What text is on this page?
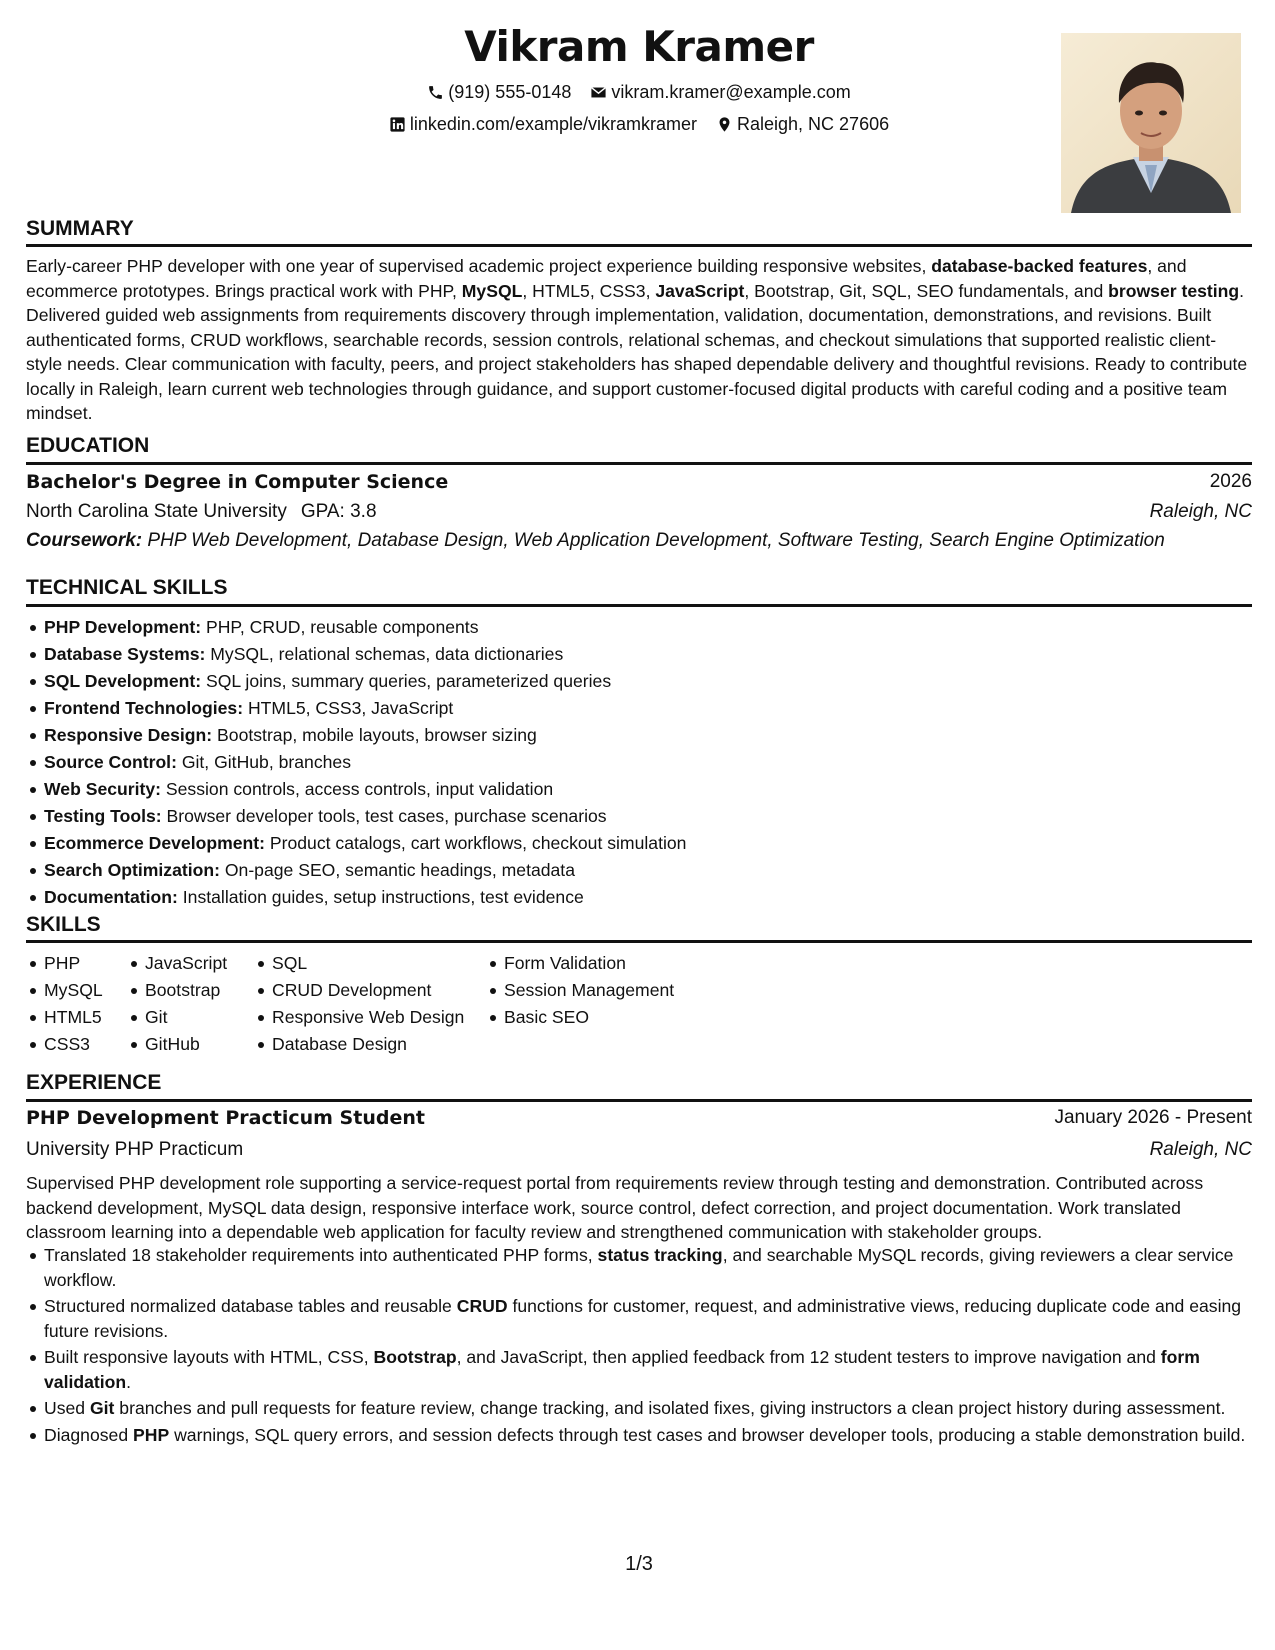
Vikram Kramer
(919) 555-0148
vikram.kramer@example.com
linkedin.com/example/vikramkramer
Raleigh, NC 27606
SUMMARY
Early-career PHP developer with one year of supervised academic project experience building responsive websites, database-backed features, and ecommerce prototypes. Brings practical work with PHP, MySQL, HTML5, CSS3, JavaScript, Bootstrap, Git, SQL, SEO fundamentals, and browser testing. Delivered guided web assignments from requirements discovery through implementation, validation, documentation, demonstrations, and revisions. Built authenticated forms, CRUD workflows, searchable records, session controls, relational schemas, and checkout simulations that supported realistic client-style needs. Clear communication with faculty, peers, and project stakeholders has shaped dependable delivery and thoughtful revisions. Ready to contribute locally in Raleigh, learn current web technologies through guidance, and support customer-focused digital products with careful coding and a positive team mindset.
EDUCATION
Bachelor's Degree in Computer Science	2026
North Carolina State University GPA: 3.8	Raleigh, NC
Coursework: PHP Web Development, Database Design, Web Application Development, Software Testing, Search Engine Optimization
TECHNICAL SKILLS
PHP Development: PHP, CRUD, reusable components
Database Systems: MySQL, relational schemas, data dictionaries
SQL Development: SQL joins, summary queries, parameterized queries
Frontend Technologies: HTML5, CSS3, JavaScript
Responsive Design: Bootstrap, mobile layouts, browser sizing
Source Control: Git, GitHub, branches
Web Security: Session controls, access controls, input validation
Testing Tools: Browser developer tools, test cases, purchase scenarios
Ecommerce Development: Product catalogs, cart workflows, checkout simulation
Search Optimization: On-page SEO, semantic headings, metadata
Documentation: Installation guides, setup instructions, test evidence
SKILLS
PHP
MySQL
HTML5
CSS3
JavaScript
Bootstrap
Git
GitHub
SQL
CRUD Development
Responsive Web Design
Database Design
Form Validation
Session Management
Basic SEO
EXPERIENCE
PHP Development Practicum Student	January 2026 - Present
University PHP Practicum	Raleigh, NC
Supervised PHP development role supporting a service-request portal from requirements review through testing and demonstration. Contributed across backend development, MySQL data design, responsive interface work, source control, defect correction, and project documentation. Work translated classroom learning into a dependable web application for faculty review and strengthened communication with stakeholder groups.
Translated 18 stakeholder requirements into authenticated PHP forms, status tracking, and searchable MySQL records, giving reviewers a clear service workflow.
Structured normalized database tables and reusable CRUD functions for customer, request, and administrative views, reducing duplicate code and easing future revisions.
Built responsive layouts with HTML, CSS, Bootstrap, and JavaScript, then applied feedback from 12 student testers to improve navigation and form validation.
Used Git branches and pull requests for feature review, change tracking, and isolated fixes, giving instructors a clean project history during assessment.
Diagnosed PHP warnings, SQL query errors, and session defects through test cases and browser developer tools, producing a stable demonstration build.
1/3
